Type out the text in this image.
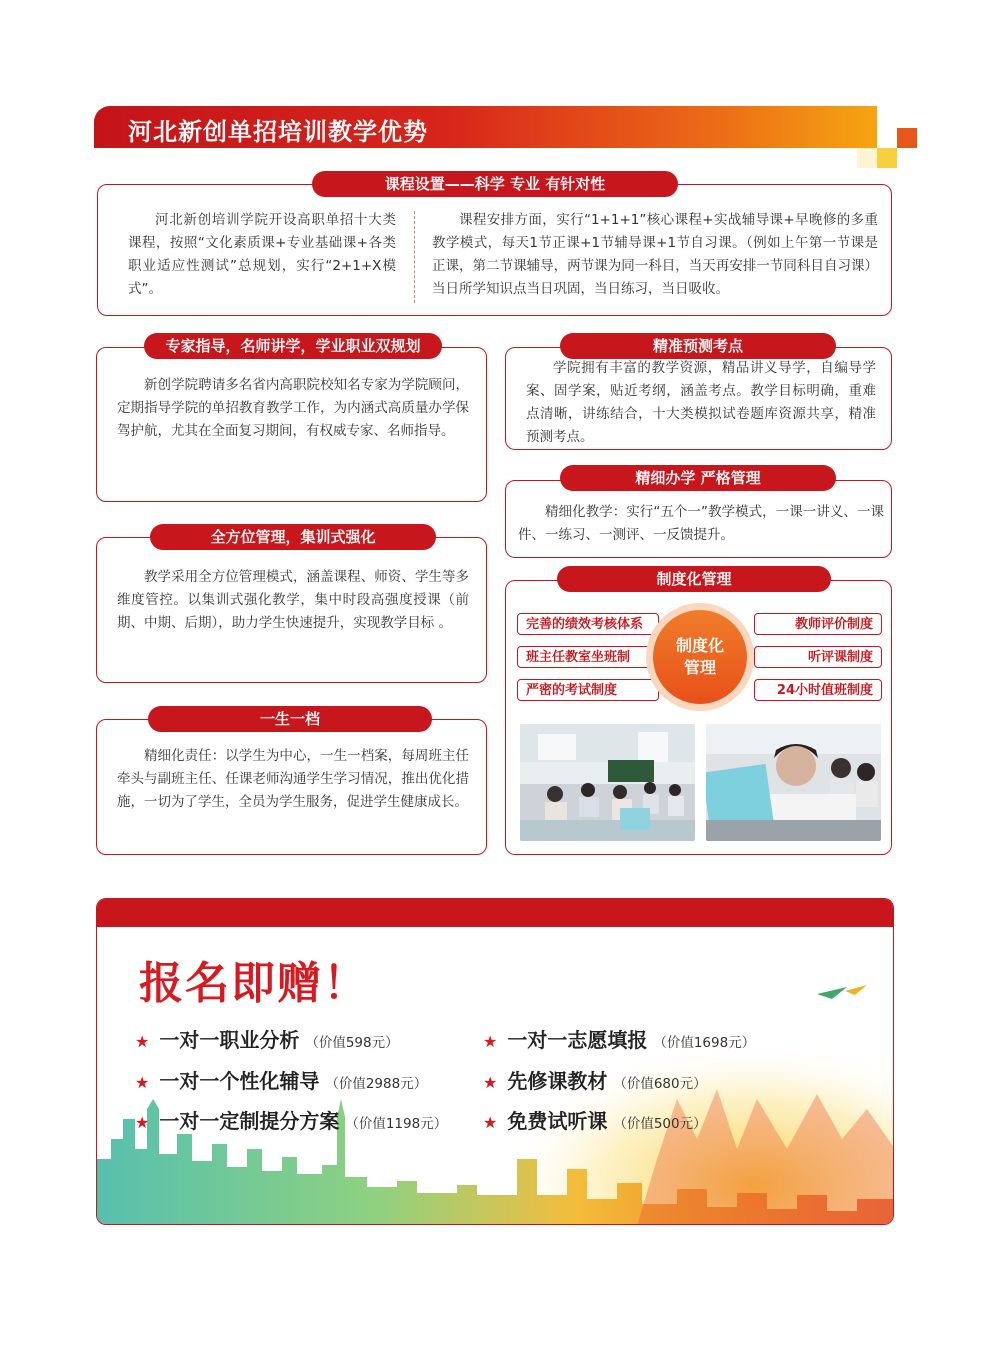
河北新创单招培训教学优势
河北新创培训学院开设高职单招十大类课程，按照“文化素质课+专业基础课+各类职业适应性测试”总规划，实行“2+1+X模式”。
课程安排方面，实行“1+1+1”核心课程+实战辅导课+早晚修的多重教学模式，每天1节正课+1节辅导课+1节自习课。（例如上午第一节课是正课，第二节课辅导，两节课为同一科目，当天再安排一节同科目自习课）当日所学知识点当日巩固，当日练习，当日吸收。
课程设置——科学 专业 有针对性
新创学院聘请多名省内高职院校知名专家为学院顾问，定期指导学院的单招教育教学工作，为内涵式高质量办学保驾护航，尤其在全面复习期间，有权威专家、名师指导。
专家指导，名师讲学，学业职业双规划
学院拥有丰富的教学资源，精品讲义导学，自编导学案、固学案，贴近考纲，涵盖考点。教学目标明确，重难点清晰，讲练结合，十大类模拟试卷题库资源共享，精准预测考点。
精准预测考点
精细化教学：实行“五个一”教学模式，一课一讲义、一课件、一练习、一测评、一反馈提升。
精细办学 严格管理
教学采用全方位管理模式，涵盖课程、师资、学生等多维度管控。以集训式强化教学，集中时段高强度授课（前期、中期、后期），助力学生快速提升，实现教学目标 。
全方位管理，集训式强化
完善的绩效考核体系
班主任教室坐班制
严密的考试制度
教师评价制度
听评课制度
24小时值班制度
制度化
管理
制度化管理
精细化责任：以学生为中心，一生一档案，每周班主任牵头与副班主任、任课老师沟通学生学习情况，推出优化措施，一切为了学生，全员为学生服务，促进学生健康成长。
一生一档
报名即赠！
★ 一对一职业分析 （价值598元）
★ 一对一个性化辅导 （价值2988元）
★ 一对一定制提分方案 （价值1198元）
★ 一对一志愿填报 （价值1698元）
★ 先修课教材 （价值680元）
★ 免费试听课 （价值500元）
